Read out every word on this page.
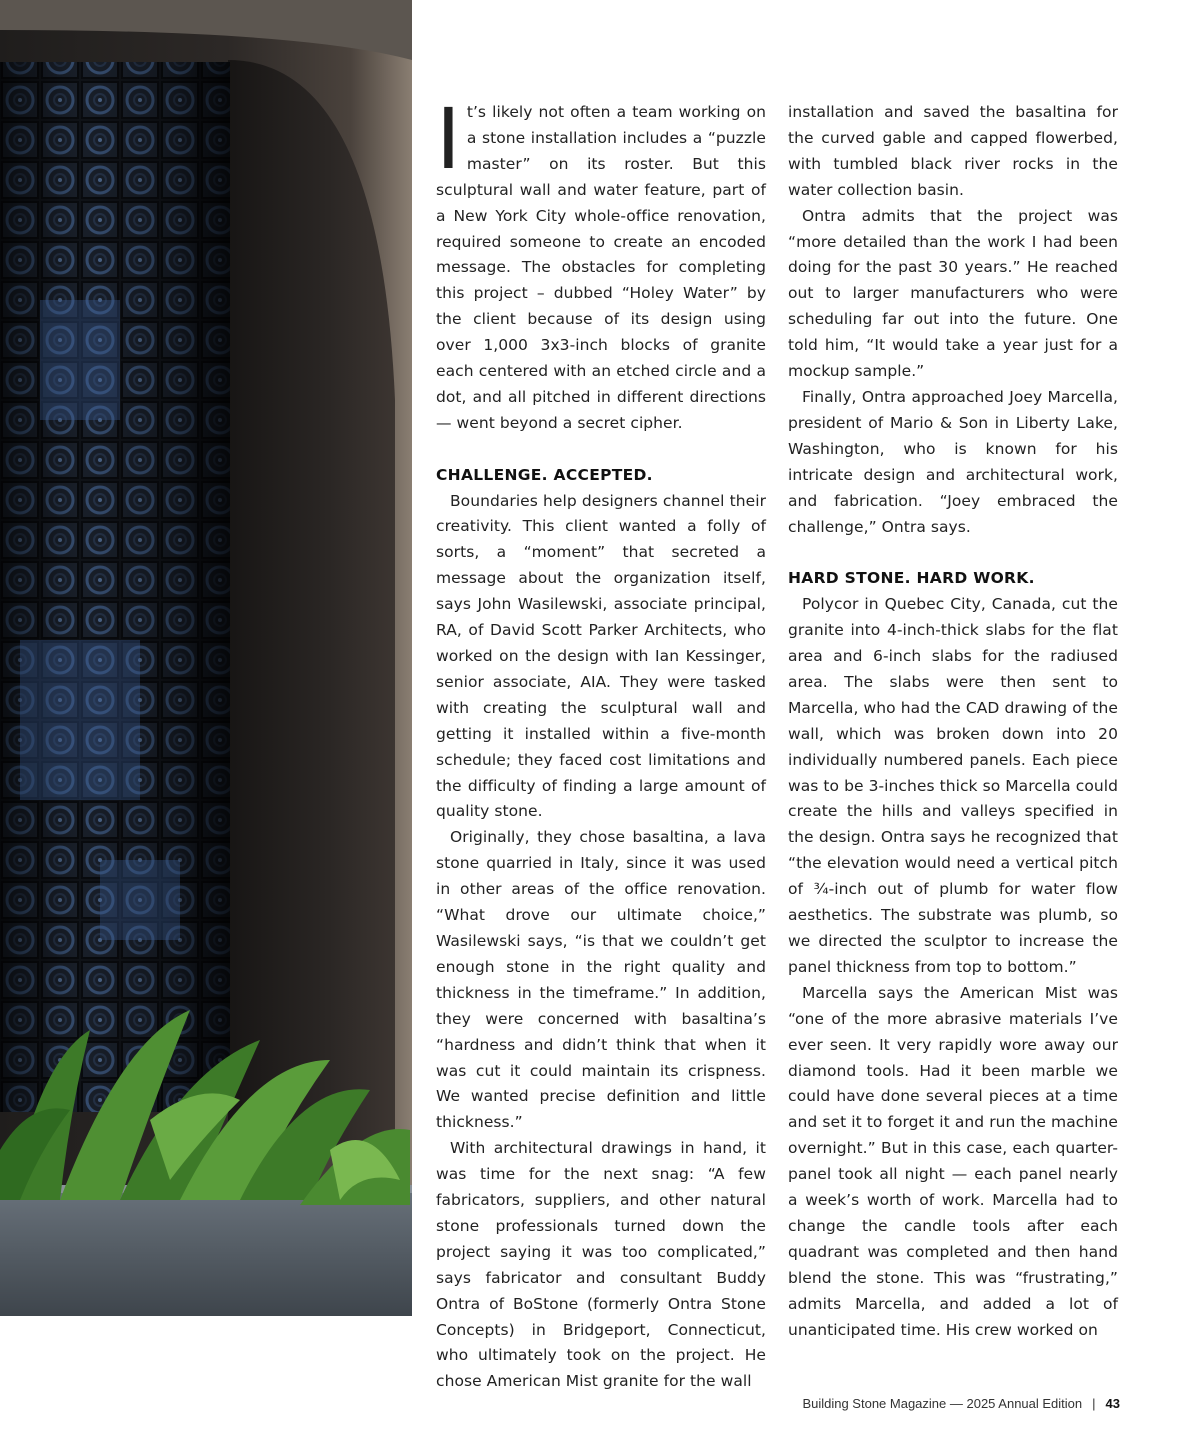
It’s likely not often a team working on a stone installation includes a “puzzle master” on its roster. But this sculptural wall and water feature, part of a New York City whole-office renovation, required someone to create an encoded message. The obstacles for completing this project – dubbed “Holey Water” by the client because of its design using over 1,000 3x3-inch blocks of granite each centered with an etched circle and a dot, and all pitched in different directions — went beyond a secret cipher.

CHALLENGE. ACCEPTED.

Boundaries help designers channel their creativity. This client wanted a folly of sorts, a “moment” that secreted a message about the organization itself, says John Wasilewski, associate principal, RA, of David Scott Parker Architects, who worked on the design with Ian Kessinger, senior associate, AIA. They were tasked with creating the sculptural wall and getting it installed within a five-month schedule; they faced cost limitations and the difficulty of finding a large amount of quality stone.

Originally, they chose basaltina, a lava stone quarried in Italy, since it was used in other areas of the office renovation. “What drove our ultimate choice,” Wasilewski says, “is that we couldn’t get enough stone in the right quality and thickness in the timeframe.” In addition, they were concerned with basaltina’s “hardness and didn’t think that when it was cut it could maintain its crispness. We wanted precise definition and little thickness.”

With architectural drawings in hand, it was time for the next snag: “A few fabricators, suppliers, and other natural stone professionals turned down the project saying it was too complicated,” says fabricator and consultant Buddy Ontra of BoStone (formerly Ontra Stone Concepts) in Bridgeport, Connecticut, who ultimately took on the project. He chose American Mist granite for the wall

installation and saved the basaltina for the curved gable and capped flowerbed, with tumbled black river rocks in the water collection basin.

Ontra admits that the project was “more detailed than the work I had been doing for the past 30 years.” He reached out to larger manufacturers who were scheduling far out into the future. One told him, “It would take a year just for a mockup sample.”

Finally, Ontra approached Joey Marcella, president of Mario & Son in Liberty Lake, Washington, who is known for his intricate design and architectural work, and fabrication. “Joey embraced the challenge,” Ontra says.

HARD STONE. HARD WORK.

Polycor in Quebec City, Canada, cut the granite into 4-inch-thick slabs for the flat area and 6-inch slabs for the radiused area. The slabs were then sent to Marcella, who had the CAD drawing of the wall, which was broken down into 20 individually numbered panels. Each piece was to be 3-inches thick so Marcella could create the hills and valleys specified in the design. Ontra says he recognized that “the elevation would need a vertical pitch of ¾-inch out of plumb for water flow aesthetics. The substrate was plumb, so we directed the sculptor to increase the panel thickness from top to bottom.”

Marcella says the American Mist was “one of the more abrasive materials I’ve ever seen. It very rapidly wore away our diamond tools. Had it been marble we could have done several pieces at a time and set it to forget it and run the machine overnight.” But in this case, each quarter-panel took all night — each panel nearly a week’s worth of work. Marcella had to change the candle tools after each quadrant was completed and then hand blend the stone. This was “frustrating,” admits Marcella, and added a lot of unanticipated time. His crew worked on

Building Stone Magazine — 2025 Annual Edition | 43
